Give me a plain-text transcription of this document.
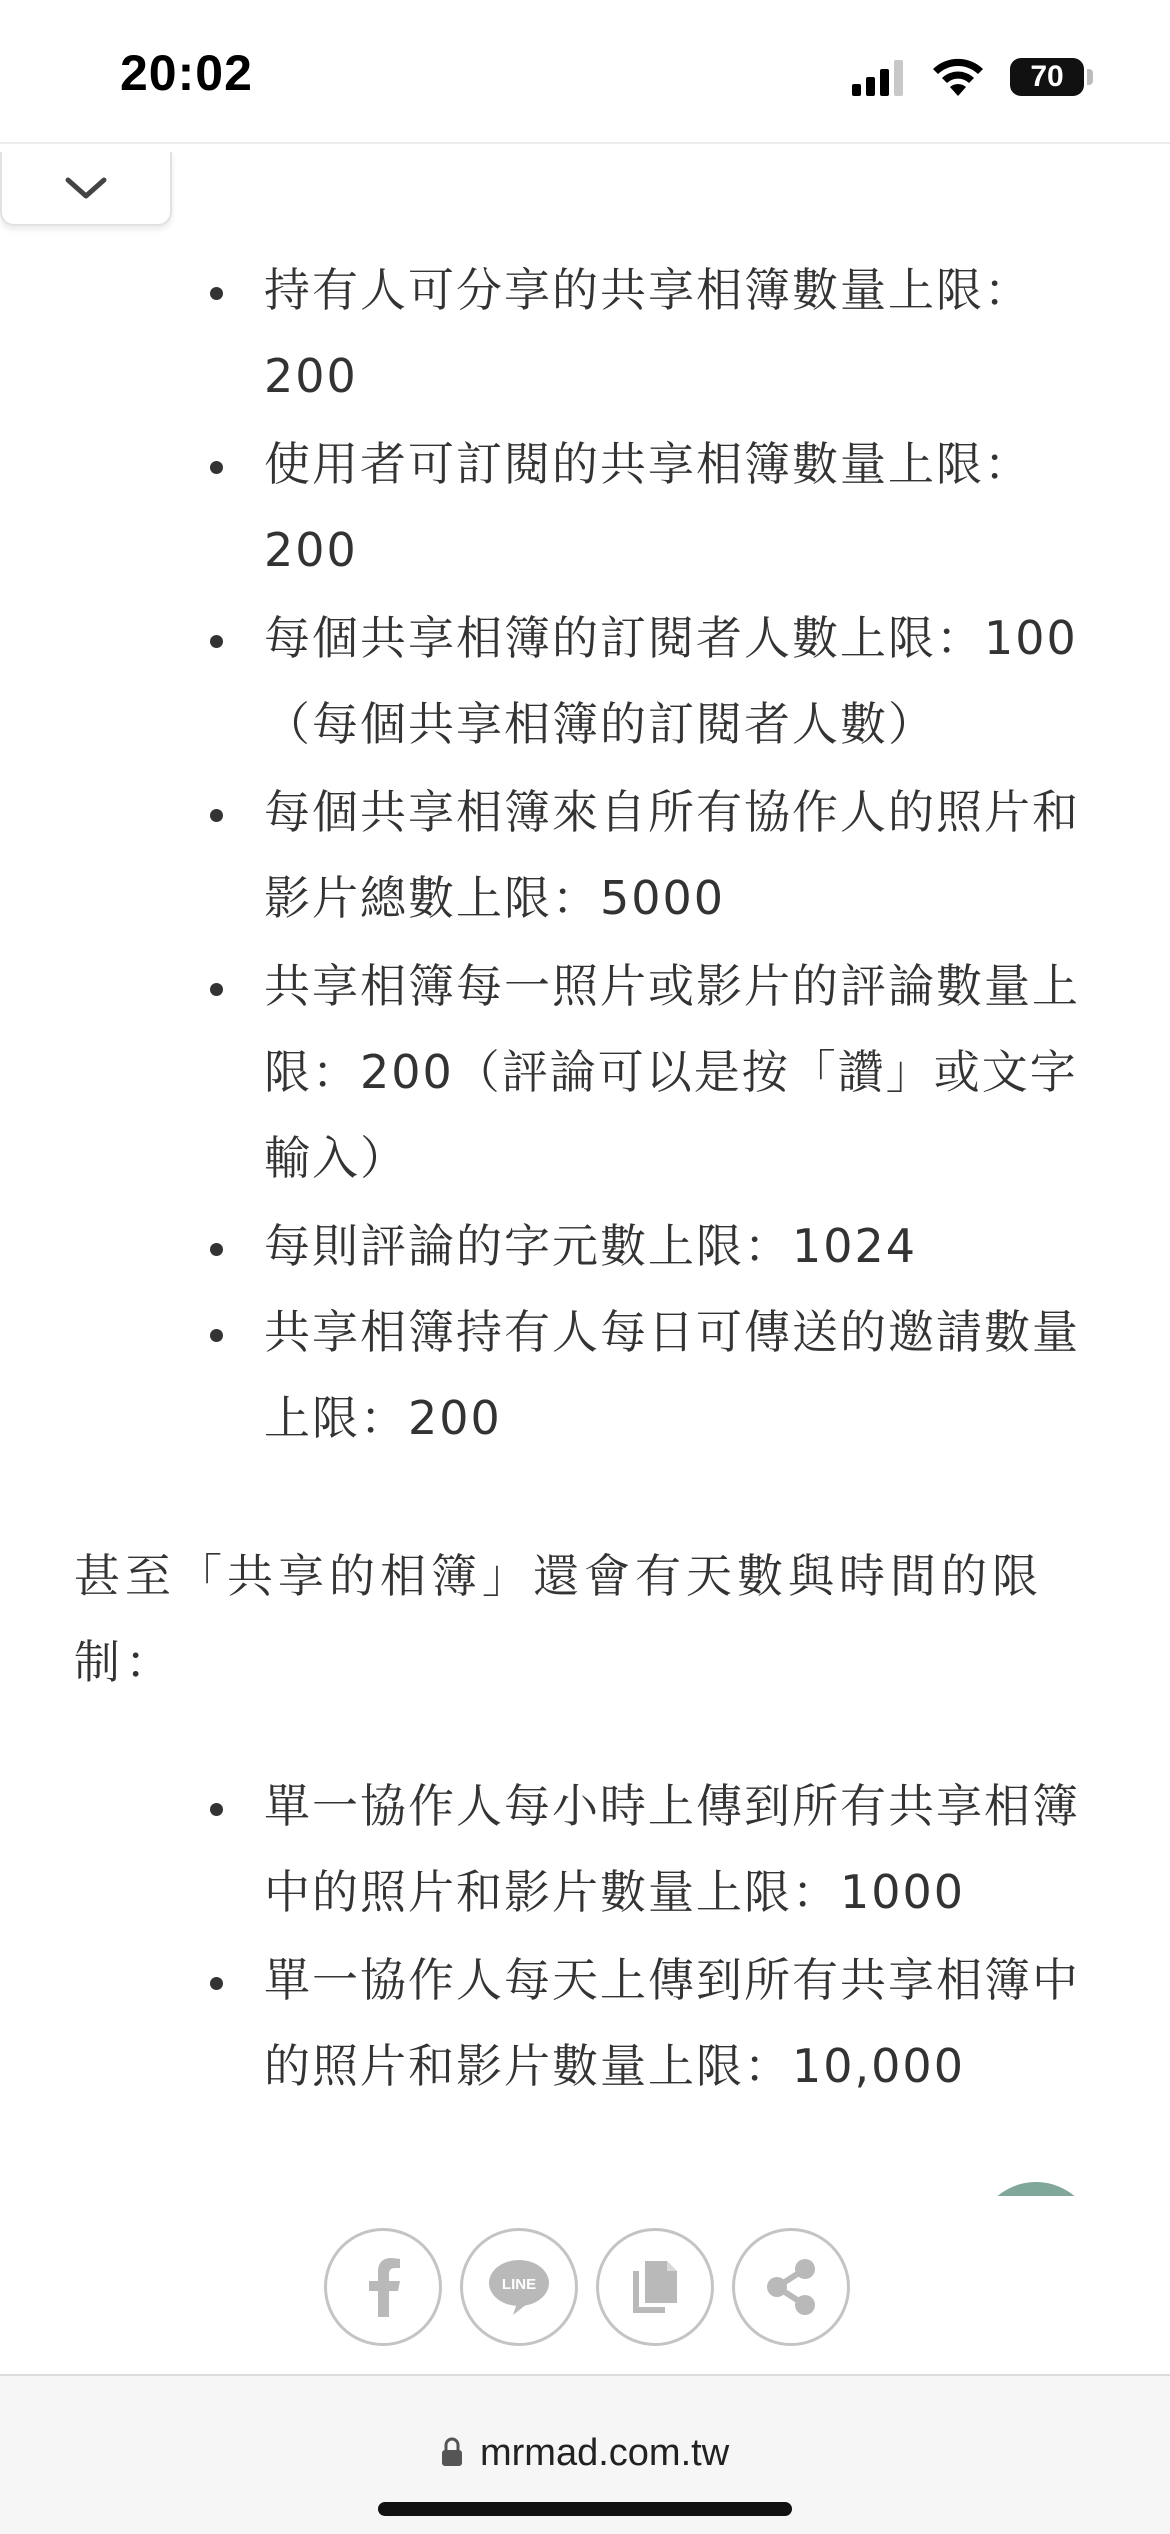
20:02	70
持有人可分享的共享相簿數量上限：
200
使用者可訂閱的共享相簿數量上限：
200
每個共享相簿的訂閱者人數上限：100
（每個共享相簿的訂閱者人數）
每個共享相簿來自所有協作人的照片和
影片總數上限：5000
共享相簿每一照片或影片的評論數量上
限：200（評論可以是按「讚」或文字
輸入）
每則評論的字元數上限：1024
共享相簿持有人每日可傳送的邀請數量
上限：200

甚至「共享的相簿」還會有天數與時間的限
制：

單一協作人每小時上傳到所有共享相簿
中的照片和影片數量上限：1000
單一協作人每天上傳到所有共享相簿中
的照片和影片數量上限：10,000
LINE
mrmad.com.tw
